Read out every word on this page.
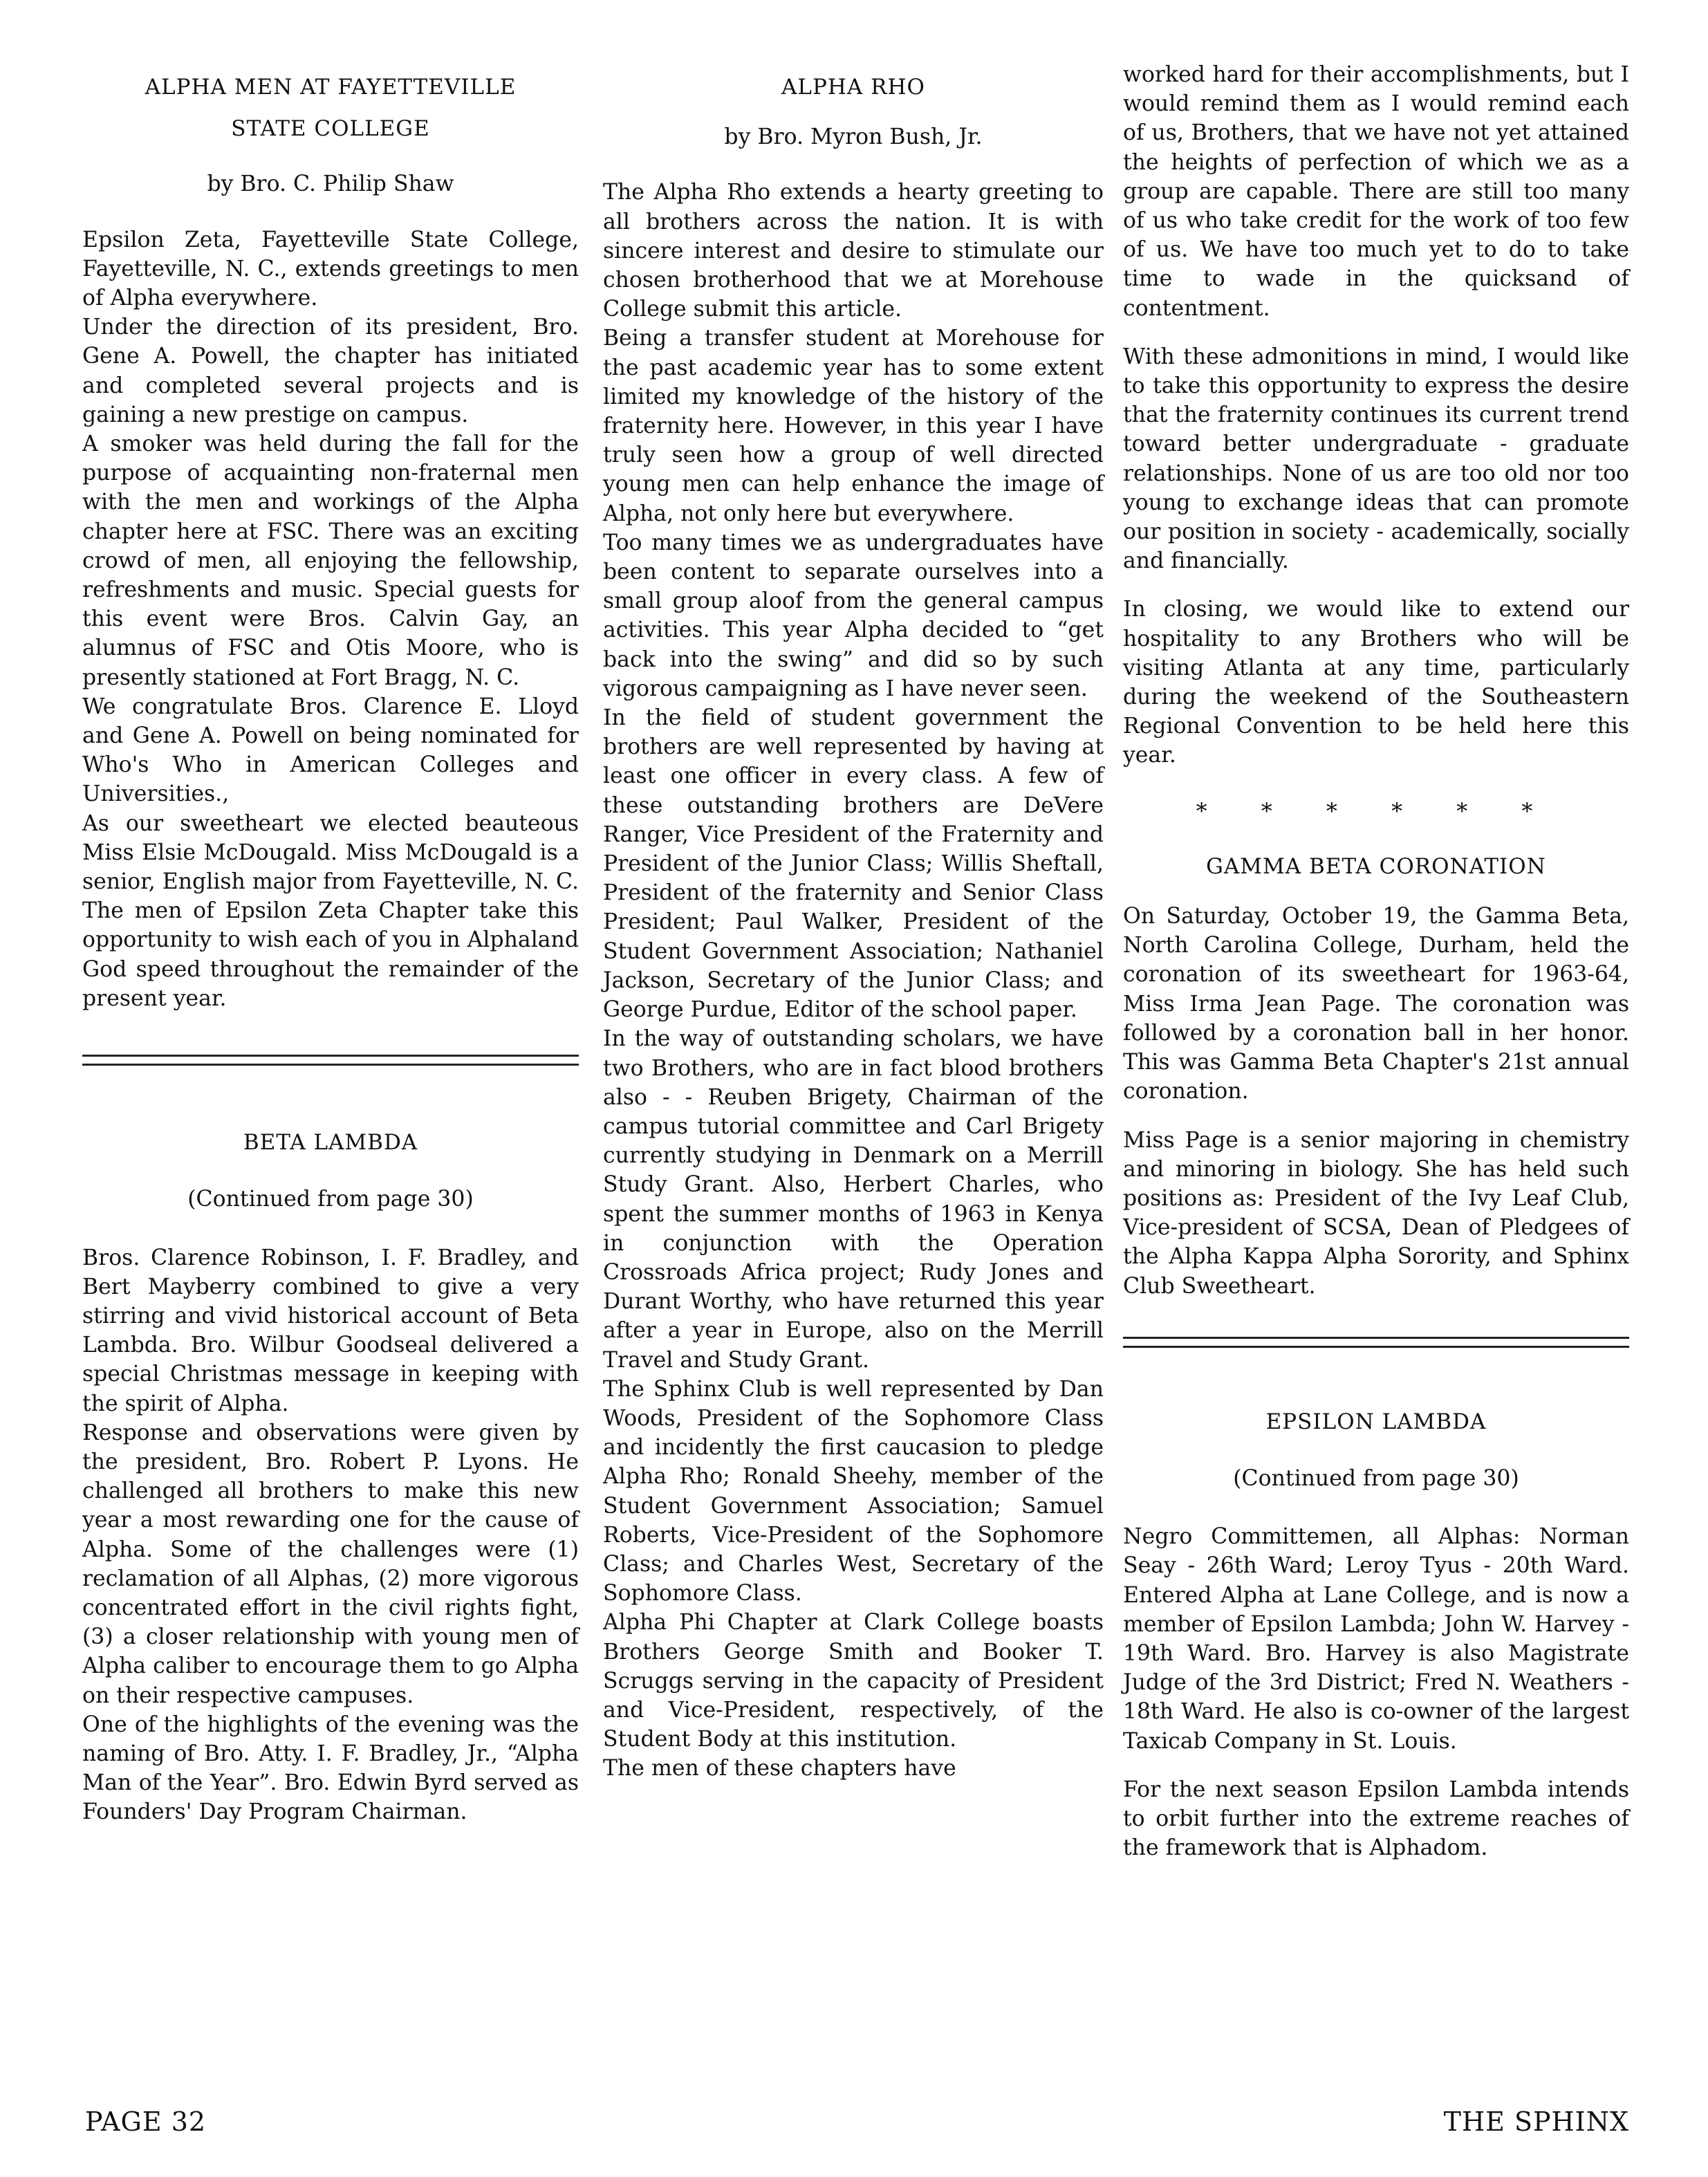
ALPHA MEN AT FAYETTEVILLE
STATE COLLEGE
by Bro. C. Philip Shaw

Epsilon Zeta, Fayetteville State College, Fayetteville, N. C., extends greetings to men of Alpha everywhere.

Under the direction of its president, Bro. Gene A. Powell, the chapter has initiated and completed several projects and is gaining a new prestige on campus.

A smoker was held during the fall for the purpose of acquainting non-fraternal men with the men and workings of the Alpha chapter here at FSC. There was an exciting crowd of men, all enjoying the fellowship, refreshments and music. Special guests for this event were Bros. Calvin Gay, an alumnus of FSC and Otis Moore, who is presently stationed at Fort Bragg, N. C.

We congratulate Bros. Clarence E. Lloyd and Gene A. Powell on being nominated for Who's Who in American Colleges and Universities.,

As our sweetheart we elected beauteous Miss Elsie McDougald. Miss McDougald is a senior, English major from Fayetteville, N. C.

The men of Epsilon Zeta Chapter take this opportunity to wish each of you in Alphaland God speed throughout the remainder of the present year.

BETA LAMBDA
(Continued from page 30)

Bros. Clarence Robinson, I. F. Bradley, and Bert Mayberry combined to give a very stirring and vivid historical account of Beta Lambda. Bro. Wilbur Goodseal delivered a special Christmas message in keeping with the spirit of Alpha.

Response and observations were given by the president, Bro. Robert P. Lyons. He challenged all brothers to make this new year a most rewarding one for the cause of Alpha. Some of the challenges were (1) reclamation of all Alphas, (2) more vigorous concentrated effort in the civil rights fight, (3) a closer relationship with young men of Alpha caliber to encourage them to go Alpha on their respective campuses.

One of the highlights of the evening was the naming of Bro. Atty. I. F. Bradley, Jr., “Alpha Man of the Year”. Bro. Edwin Byrd served as Founders' Day Program Chairman.

ALPHA RHO
by Bro. Myron Bush, Jr.

The Alpha Rho extends a hearty greeting to all brothers across the nation. It is with sincere interest and desire to stimulate our chosen brotherhood that we at Morehouse College submit this article.

Being a transfer student at Morehouse for the past academic year has to some extent limited my knowledge of the history of the fraternity here. However, in this year I have truly seen how a group of well directed young men can help enhance the image of Alpha, not only here but everywhere.

Too many times we as undergraduates have been content to separate ourselves into a small group aloof from the general campus activities. This year Alpha decided to “get back into the swing” and did so by such vigorous campaigning as I have never seen.

In the field of student government the brothers are well represented by having at least one officer in every class. A few of these outstanding brothers are DeVere Ranger, Vice President of the Fraternity and President of the Junior Class; Willis Sheftall, President of the fraternity and Senior Class President; Paul Walker, President of the Student Government Association; Nathaniel Jackson, Secretary of the Junior Class; and George Purdue, Editor of the school paper.

In the way of outstanding scholars, we have two Brothers, who are in fact blood brothers also - - Reuben Brigety, Chairman of the campus tutorial committee and Carl Brigety currently studying in Denmark on a Merrill Study Grant. Also, Herbert Charles, who spent the summer months of 1963 in Kenya in conjunction with the Operation Crossroads Africa project; Rudy Jones and Durant Worthy, who have returned this year after a year in Europe, also on the Merrill Travel and Study Grant.

The Sphinx Club is well represented by Dan Woods, President of the Sophomore Class and incidently the first caucasion to pledge Alpha Rho; Ronald Sheehy, member of the Student Government Association; Samuel Roberts, Vice-President of the Sophomore Class; and Charles West, Secretary of the Sophomore Class.

Alpha Phi Chapter at Clark College boasts Brothers George Smith and Booker T. Scruggs serving in the capacity of President and Vice-President, respectively, of the Student Body at this institution.

The men of these chapters have

worked hard for their accomplishments, but I would remind them as I would remind each of us, Brothers, that we have not yet attained the heights of perfection of which we as a group are capable. There are still too many of us who take credit for the work of too few of us. We have too much yet to do to take time to wade in the quicksand of contentment.

With these admonitions in mind, I would like to take this opportunity to express the desire that the fraternity continues its current trend toward better undergraduate - graduate relationships. None of us are too old nor too young to exchange ideas that can promote our position in society - academically, socially and financially.

In closing, we would like to extend our hospitality to any Brothers who will be visiting Atlanta at any time, particularly during the weekend of the Southeastern Regional Convention to be held here this year.

* * * * * *
GAMMA BETA CORONATION

On Saturday, October 19, the Gamma Beta, North Carolina College, Durham, held the coronation of its sweetheart for 1963-64, Miss Irma Jean Page. The coronation was followed by a coronation ball in her honor. This was Gamma Beta Chapter's 21st annual coronation.

Miss Page is a senior majoring in chemistry and minoring in biology. She has held such positions as: President of the Ivy Leaf Club, Vice-president of SCSA, Dean of Pledgees of the Alpha Kappa Alpha Sorority, and Sphinx Club Sweetheart.

EPSILON LAMBDA
(Continued from page 30)

Negro Committemen, all Alphas: Norman Seay - 26th Ward; Leroy Tyus - 20th Ward. Entered Alpha at Lane College, and is now a member of Epsilon Lambda; John W. Harvey - 19th Ward. Bro. Harvey is also Magistrate Judge of the 3rd District; Fred N. Weathers - 18th Ward. He also is co-owner of the largest Taxicab Company in St. Louis.

For the next season Epsilon Lambda intends to orbit further into the extreme reaches of the framework that is Alphadom.

PAGE 32	THE SPHINX
